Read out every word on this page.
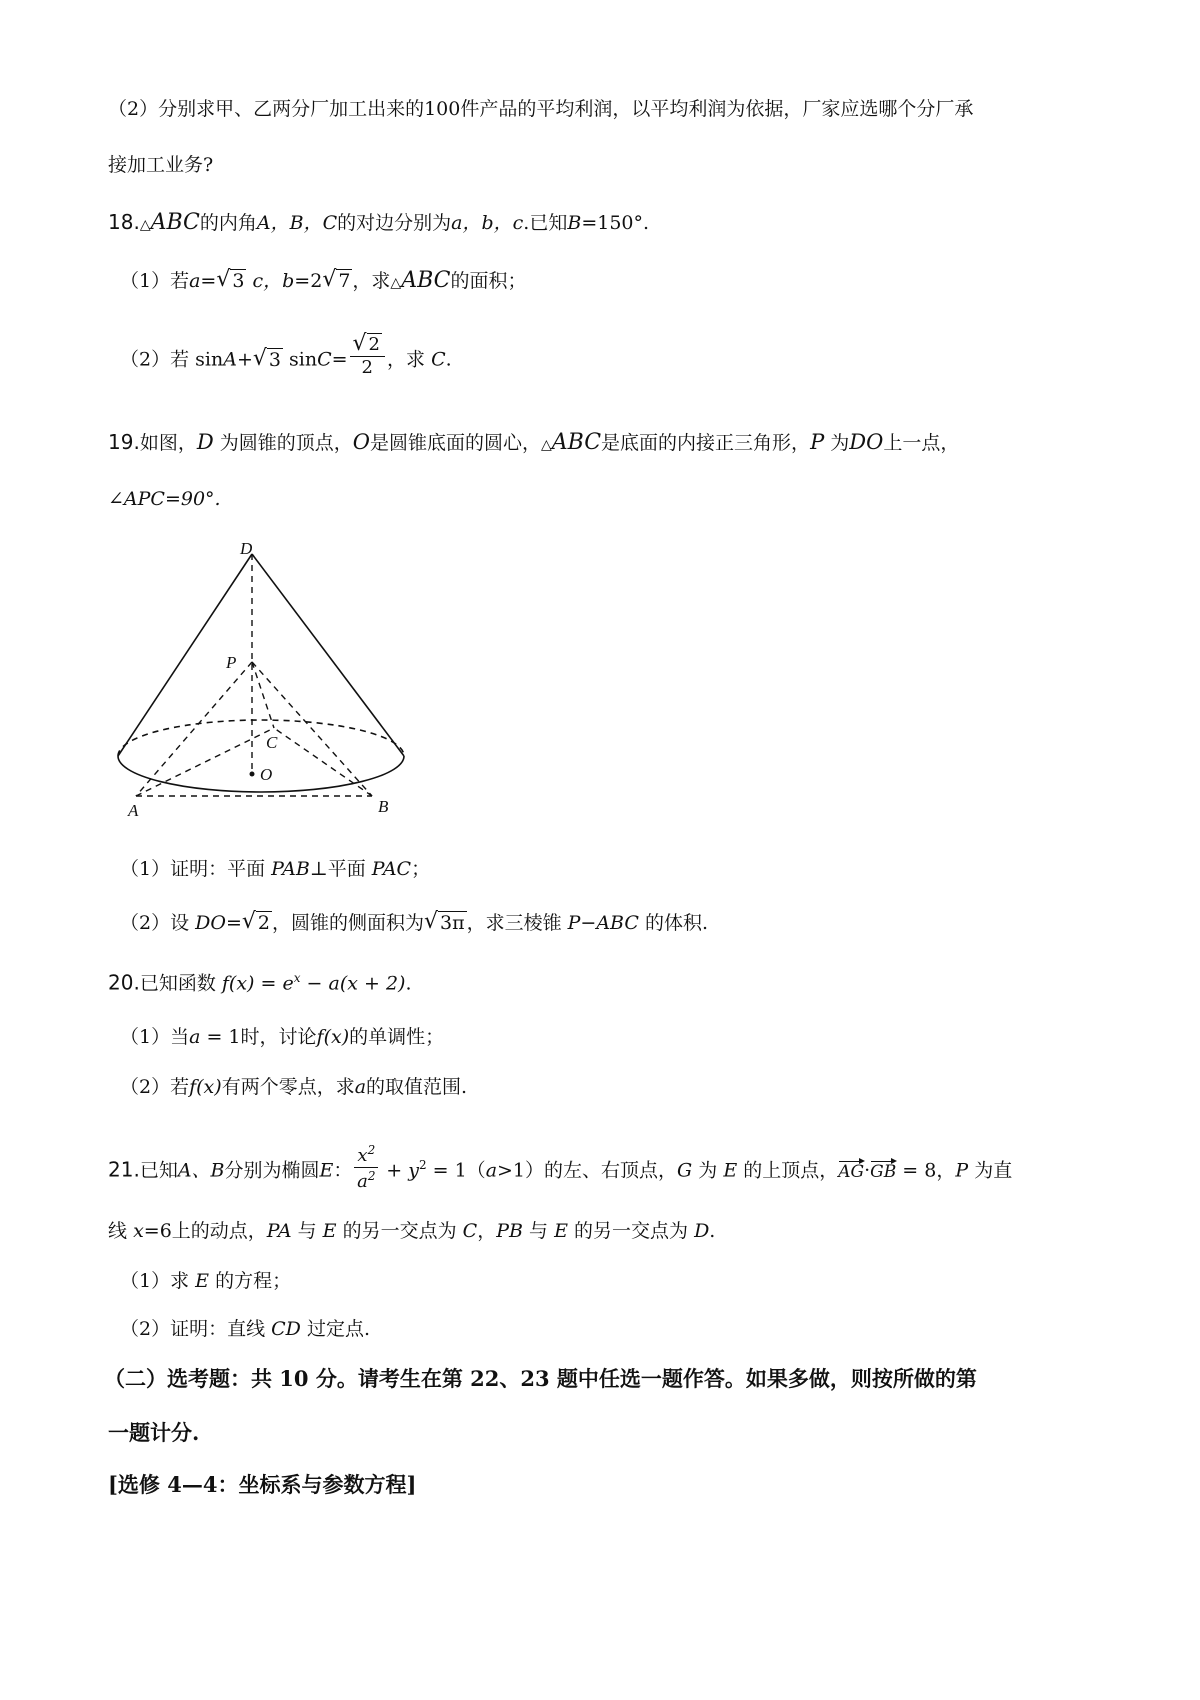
（2）分别求甲、乙两分厂加工出来的100件产品的平均利润，以平均利润为依据，厂家应选哪个分厂承
接加工业务?
18.△ABC的内角A，B，C的对边分别为a，b，c.已知B=150°.
（1）若a= √ 3 c，b=2 √ 7 ，求△ABC的面积；
（2）若 sinA+ √ 3 sinC= √ $\frac{2}{2}$ ，求 C.
19.如图，D 为圆锥的顶点，O是圆锥底面的圆心，△ABC是底面的内接正三角形，P 为DO上一点，
∠APC=90°.
D
P
C
O
A	B
（1）证明：平面 PAB⊥平面 PAC；
（2）设 DO= √ 2 ，圆锥的侧面积为 √ 3π ，求三棱锥 P−ABC 的体积.
20.已知函数 $f(x) = e^x - a(x + 2)$.
（1）当a = 1时，讨论f(x)的单调性；
（2）若f(x)有两个零点，求a的取值范围.
21.已知A、B分别为椭圆E： $\frac{x^2}{a^2} + y^2 = 1(a>1)$的左、右顶点，G 为 E 的上顶点，AG·GB = 8，P 为直
线 x=6上的动点，PA 与 E 的另一交点为 C，PB 与 E 的另一交点为 D.
（1）求 E 的方程；
（2）证明：直线 CD 过定点.
（二）选考题：共 10 分。请考生在第 22、23 题中任选一题作答。如果多做，则按所做的第
一题计分.
[选修 4—4：坐标系与参数方程]
